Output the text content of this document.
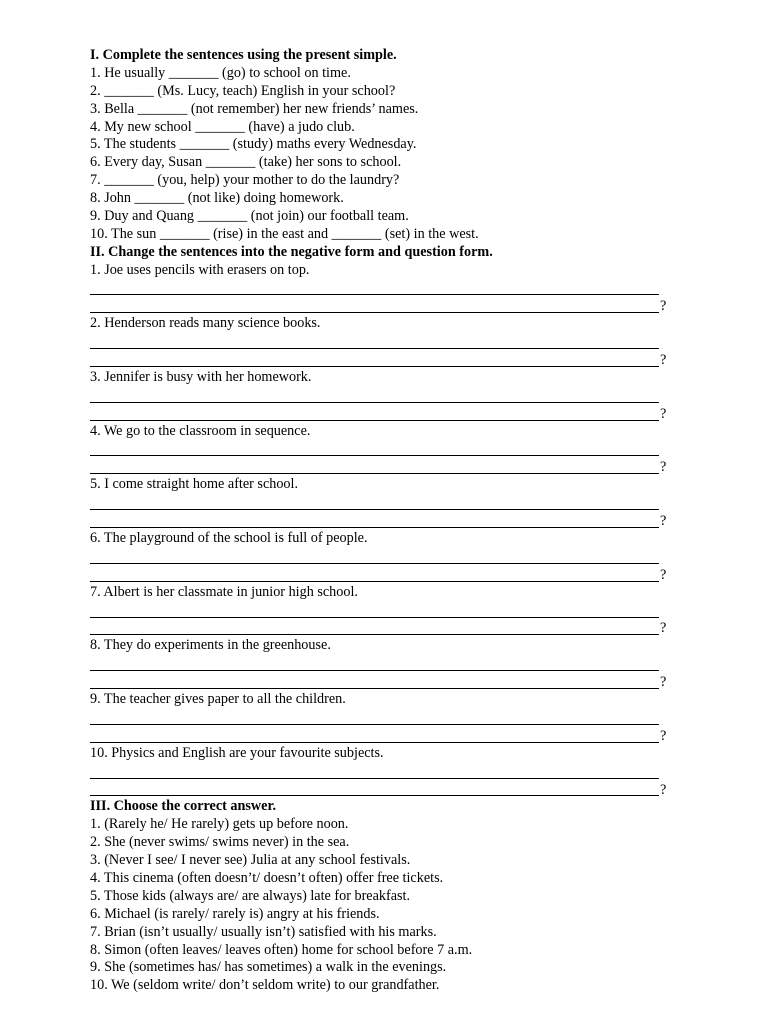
I. Complete the sentences using the present simple.
1. He usually _______ (go) to school on time.
2. _______ (Ms. Lucy, teach) English in your school?
3. Bella _______ (not remember) her new friends’ names.
4. My new school _______ (have) a judo club.
5. The students _______ (study) maths every Wednesday.
6. Every day, Susan _______ (take) her sons to school.
7. _______ (you, help) your mother to do the laundry?
8. John _______ (not like) doing homework.
9. Duy and Quang _______ (not join) our football team.
10. The sun _______ (rise) in the east and _______ (set) in the west.
II. Change the sentences into the negative form and question form.
1. Joe uses pencils with erasers on top.
?
2. Henderson reads many science books.
?
3. Jennifer is busy with her homework.
?
4. We go to the classroom in sequence.
?
5. I come straight home after school.
?
6. The playground of the school is full of people.
?
7. Albert is her classmate in junior high school.
?
8. They do experiments in the greenhouse.
?
9. The teacher gives paper to all the children.
?
10. Physics and English are your favourite subjects.
?
III. Choose the correct answer.
1. (Rarely he/ He rarely) gets up before noon.
2. She (never swims/ swims never) in the sea.
3. (Never I see/ I never see) Julia at any school festivals.
4. This cinema (often doesn’t/ doesn’t often) offer free tickets.
5. Those kids (always are/ are always) late for breakfast.
6. Michael (is rarely/ rarely is) angry at his friends.
7. Brian (isn’t usually/ usually isn’t) satisfied with his marks.
8. Simon (often leaves/ leaves often) home for school before 7 a.m.
9. She (sometimes has/ has sometimes) a walk in the evenings.
10. We (seldom write/ don’t seldom write) to our grandfather.
